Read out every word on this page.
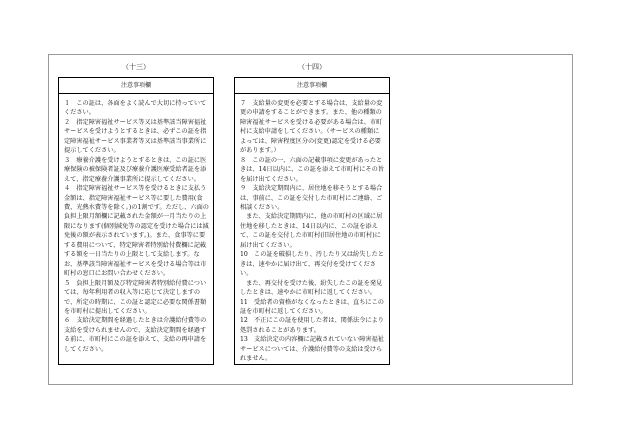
（十三）
注意事項欄
１　この証は、各面をよく読んで大切に持っていてください。
２　指定障害福祉サービス等又は基準該当障害福祉サービスを受けようとするときは、必ずこの証を指定障害福祉サービス事業者等又は基準該当事業所に提示してください。
３　療養介護を受けようとするときは、この証に医療保険の被保険者証及び療養介護医療受給者証を添えて、指定療養介護事業所に提示してください。
４　指定障害福祉サービス等を受けるときに支払う金額は、指定障害福祉サービス等に要した費用(食費、光熱水費等を除く。)の1割です。ただし、六面の負担上限月額欄に記載された金額が一月当たりの上限になります(個別減免等の認定を受けた場合には減免後の額が表示されています。)。また、食事等に要する費用について、特定障害者特別給付費欄に記載する額を一日当たりの上限として支給します。なお、基準該当障害福祉サービスを受ける場合等は市町村の窓口にお問い合わせください。
５　負担上限月額及び特定障害者特別給付費については、毎年利用者の収入等に応じて決定しますので、所定の時期に、この証と認定に必要な関係書類を市町村に提出してください。
６　支給決定期間を経過したときは介護給付費等の支給を受けられませんので、支給決定期間を経過する前に、市町村にこの証を添えて、支給の再申請をしてください。
（十四）
注意事項欄
７　支給量の変更を必要とする場合は、支給量の変更の申請をすることができます。また、他の種類の障害福祉サービスを受ける必要がある場合は、市町村に支給申請をしてください。（サービスの種類によっては、障害程度区分の(変更)認定を受ける必要があります。）
８　この証の一、六面の記載事項に変更があったときは、14日以内に、この証を添えて市町村にその旨を届け出てください。
９　支給決定期間内に、居住地を移そうとする場合は、事前に、この証を交付した市町村にご連絡、ご相談ください。
　また、支給決定期間内に、他の市町村の区域に居住地を移したときは、14日以内に、この証を添えて、この証を交付した市町村(旧居住地の市町村)に届け出てください。
10　この証を破損したり、汚したり又は紛失したときは、速やかに届け出て、再交付を受けてください。
　また、再交付を受けた後、紛失したこの証を発見したときは、速やかに市町村に返してください。
11　受給者の資格がなくなったときは、直ちにこの証を市町村に返してください。
12　不正にこの証を使用した者は、関係法令により処罰されることがあります。
13　支給決定の内容欄に記載されていない障害福祉サービスについては、介護給付費等の支給は受けられません。
